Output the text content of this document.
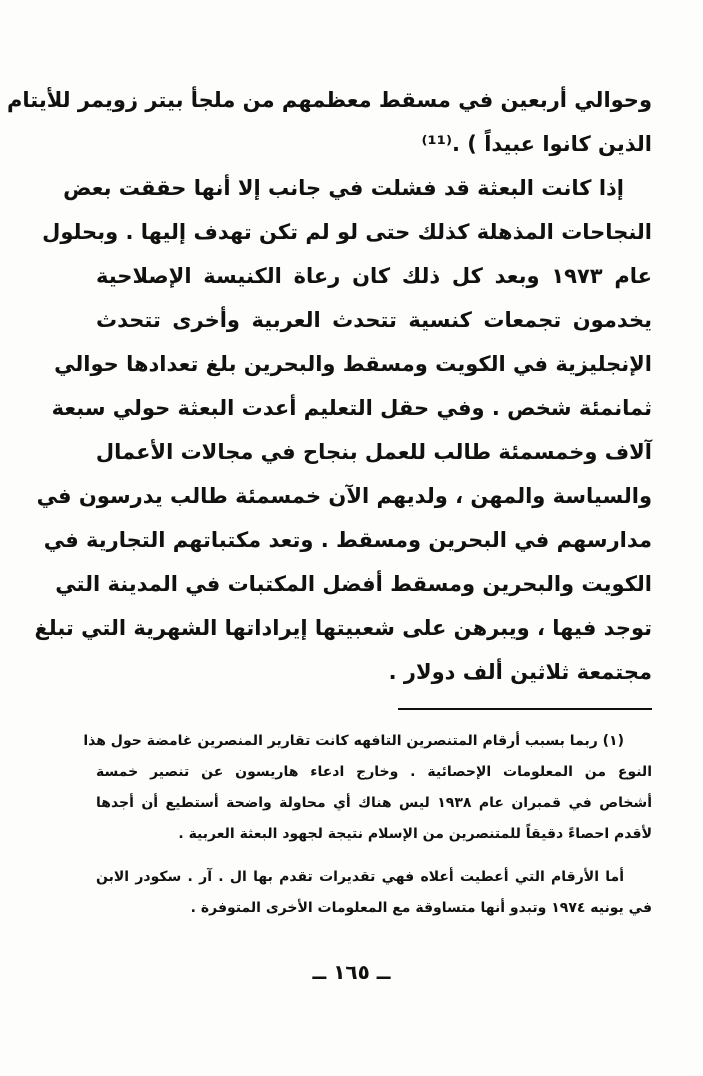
وحوالي أربعين في مسقط معظمهم من ملجأ بيتر زويمر للأيتام
الذين كانوا عبيداً ) .⁽¹¹⁾
إذا كانت البعثة قد فشلت في جانب إلا أنها حققت بعض
النجاحات المذهلة كذلك حتى لو لم تكن تهدف إليها . وبحلول
عام ١٩٧٣ وبعد كل ذلك كان رعاة الكنيسة الإصلاحية
يخدمون تجمعات كنسية تتحدث العربية وأخرى تتحدث
الإنجليزية في الكويت ومسقط والبحرين بلغ تعدادها حوالي
ثمانمئة شخص . وفي حقل التعليم أعدت البعثة حولي سبعة
آلاف وخمسمئة طالب للعمل بنجاح في مجالات الأعمال
والسياسة والمهن ، ولديهم الآن خمسمئة طالب يدرسون في
مدارسهم في البحرين ومسقط . وتعد مكتباتهم التجارية في
الكويت والبحرين ومسقط أفضل المكتبات في المدينة التي
توجد فيها ، ويبرهن على شعبيتها إيراداتها الشهرية التي تبلغ
مجتمعة ثلاثين ألف دولار .
(١) ربما بسبب أرقام المتنصرين التافهه كانت تقارير المنصرين غامضة حول هذا
النوع من المعلومات الإحصائية . وخارج ادعاء هاريسون عن تنصير خمسة
أشخاص في قمبران عام ١٩٣٨ ليس هناك أي محاولة واضحة أستطيع أن أجدها
لأقدم احصاءً دقيقاً للمتنصرين من الإسلام نتيجة لجهود البعثة العربية .
أما الأرقام التي أعطيت أعلاه فهي تقديرات تقدم بها ال . آر . سكودر الابن
في يونيه ١٩٧٤ وتبدو أنها متساوقة مع المعلومات الأخرى المتوفرة .
ــ ١٦٥ ــ
